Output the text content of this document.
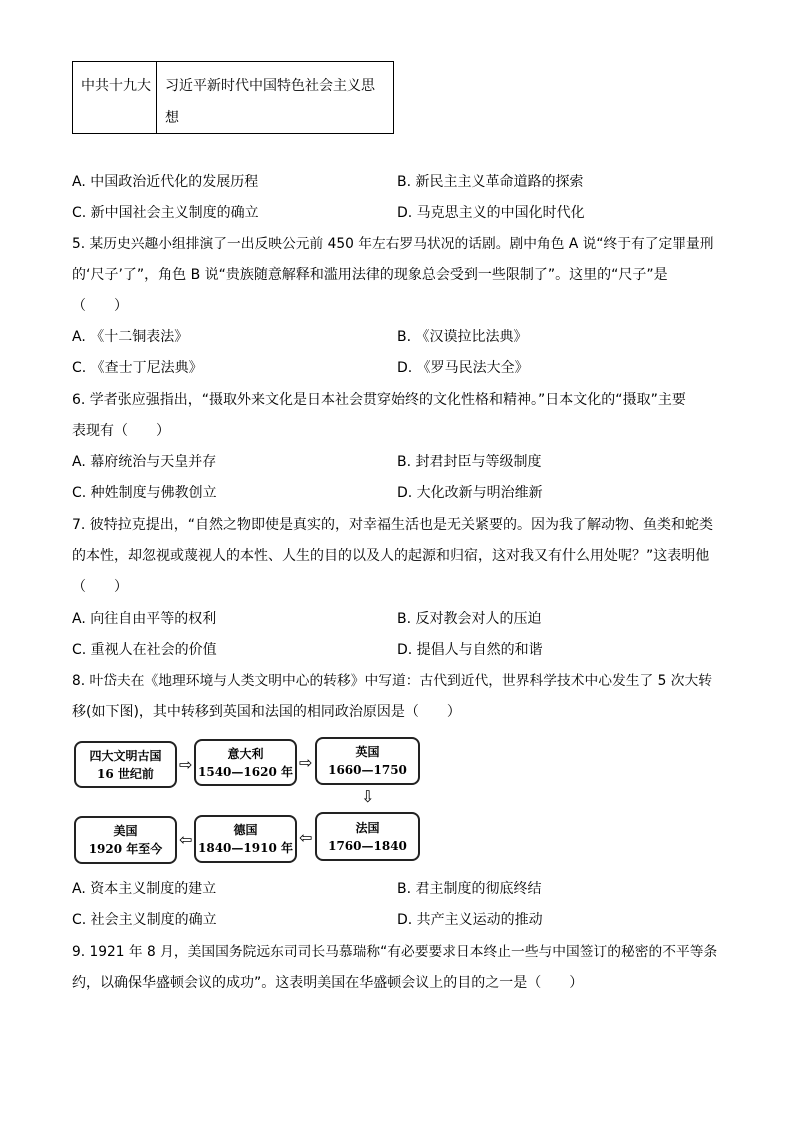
中共十九大 习近平新时代中国特色社会主义思想
A. 中国政治近代化的发展历程	B. 新民主主义革命道路的探索
C. 新中国社会主义制度的确立	D. 马克思主义的中国化时代化
5. 某历史兴趣小组排演了一出反映公元前 450 年左右罗马状况的话剧。剧中角色 A 说“终于有了定罪量刑
的‘尺子’了”，角色 B 说“贵族随意解释和滥用法律的现象总会受到一些限制了”。这里的“尺子”是
（　　）
A. 《十二铜表法》	B. 《汉谟拉比法典》
C. 《查士丁尼法典》	D. 《罗马民法大全》
6. 学者张应强指出，“摄取外来文化是日本社会贯穿始终的文化性格和精神。”日本文化的“摄取”主要
表现有（　　）
A. 幕府统治与天皇并存	B. 封君封臣与等级制度
C. 种姓制度与佛教创立	D. 大化改新与明治维新
7. 彼特拉克提出，“自然之物即使是真实的，对幸福生活也是无关紧要的。因为我了解动物、鱼类和蛇类
的本性，却忽视或蔑视人的本性、人生的目的以及人的起源和归宿，这对我又有什么用处呢？”这表明他
（　　）
A. 向往自由平等的权利	B. 反对教会对人的压迫
C. 重视人在社会的价值	D. 提倡人与自然的和谐
8. 叶岱夫在《地理环境与人类文明中心的转移》中写道：古代到近代，世界科学技术中心发生了 5 次大转
移(如下图)，其中转移到英国和法国的相同政治原因是（　　）
四大文明古国
16 世纪前	⇨
意大利
1540—1620 年 ⇨
英国
1660—1750
⇩
美国
1920 年至今	⇦	德国
1840—1910 年
⇦
法国
1760—1840
A. 资本主义制度的建立	B. 君主制度的彻底终结
C. 社会主义制度的确立	D. 共产主义运动的推动
9. 1921 年 8 月，美国国务院远东司司长马慕瑞称“有必要要求日本终止一些与中国签订的秘密的不平等条
约，以确保华盛顿会议的成功”。这表明美国在华盛顿会议上的目的之一是（　　）
